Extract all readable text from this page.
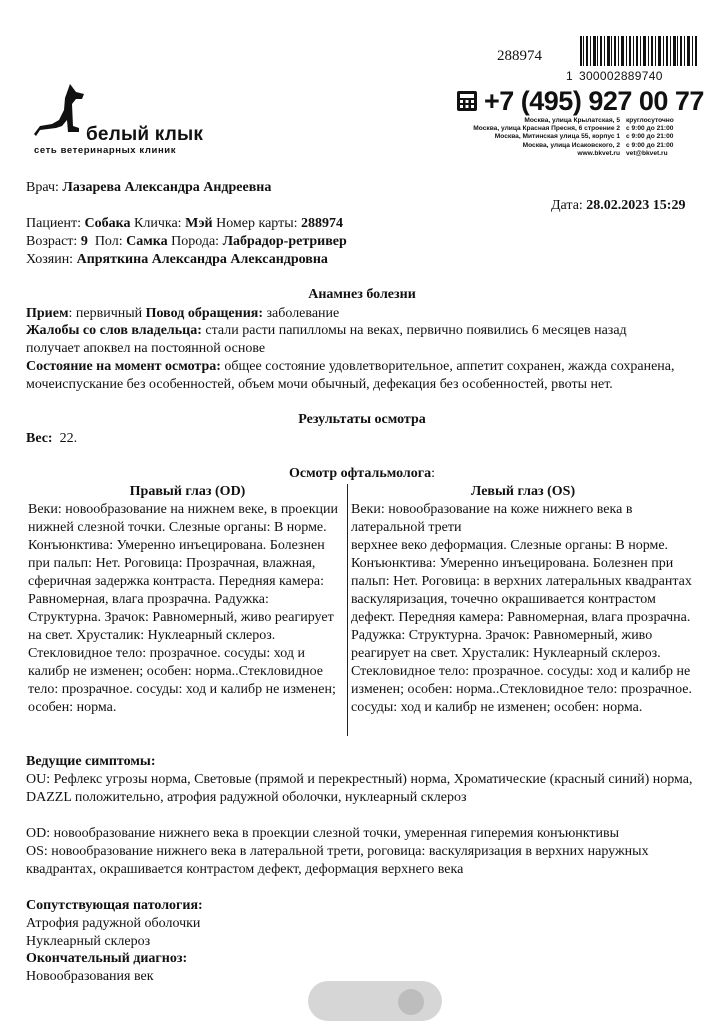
белый клык
сеть ветеринарных клиник
288974
1 300002889740
+7 (495) 927 00 77
Москва, улица Крылатская, 5 круглосуточно
Москва, улица Красная Пресня, 6 строение 2 с 9:00 до 21:00
Москва, Митинская улица 55, корпус 1 с 9:00 до 21:00
Москва, улица Исаковского, 2 с 9:00 до 21:00
www.bkvet.ru vet@bkvet.ru
Врач: Лазарева Александра Андреевна
Дата: 28.02.2023 15:29
Пациент: Собака Кличка: Мэй Номер карты: 288974
Возраст: 9 Пол: Самка Порода: Лабрадор-ретривер
Хозяин: Апряткина Александра Александровна
Анамнез болезни
Прием: первичный Повод обращения: заболевание
Жалобы со слов владельца: стали расти папилломы на веках, первично появились 6 месяцев назад
получает апоквел на постоянной основе
Состояние на момент осмотра: общее состояние удовлетворительное, аппетит сохранен, жажда сохранена, мочеиспускание без особенностей, объем мочи обычный, дефекация без особенностей, рвоты нет.
Результаты осмотра
Вес: 22.
Осмотр офтальмолога:
Правый глаз (OD)	Левый глаз (OS)
Веки: новообразование на нижнем веке, в проекции нижней слезной точки. Слезные органы: В норме. Конъюнктива: Умеренно инъецирована. Болезнен при пальп: Нет. Роговица: Прозрачная, влажная, сферичная задержка контраста. Передняя камера: Равномерная, влага прозрачна. Радужка: Структурна. Зрачок: Равномерный, живо реагирует на свет. Хрусталик: Нуклеарный склероз. Стекловидное тело: прозрачное. сосуды: ход и калибр не изменен; особен: норма..Стекловидное тело: прозрачное. сосуды: ход и калибр не изменен; особен: норма.
Веки: новообразование на коже нижнего века в латеральной трети
верхнее веко деформация. Слезные органы: В норме. Конъюнктива: Умеренно инъецирована. Болезнен при пальп: Нет. Роговица: в верхних латеральных квадрантах васкуляризация, точечно окрашивается контрастом дефект. Передняя камера: Равномерная, влага прозрачна. Радужка: Структурна. Зрачок: Равномерный, живо реагирует на свет. Хрусталик: Нуклеарный склероз. Стекловидное тело: прозрачное. сосуды: ход и калибр не изменен; особен: норма..Стекловидное тело: прозрачное. сосуды: ход и калибр не изменен; особен: норма.
Ведущие симптомы:
OU: Рефлекс угрозы норма, Световые (прямой и перекрестный) норма, Хроматические (красный синий) норма, DAZZL положительно, атрофия радужной оболочки, нуклеарный склероз
OD: новообразование нижнего века в проекции слезной точки, умеренная гиперемия конъюнктивы
OS: новообразование нижнего века в латеральной трети, роговица: васкуляризация в верхних наружных квадрантах, окрашивается контрастом дефект, деформация верхнего века
Сопутствующая патология:
Атрофия радужной оболочки
Нуклеарный склероз
Окончательный диагноз:
Новообразования век
